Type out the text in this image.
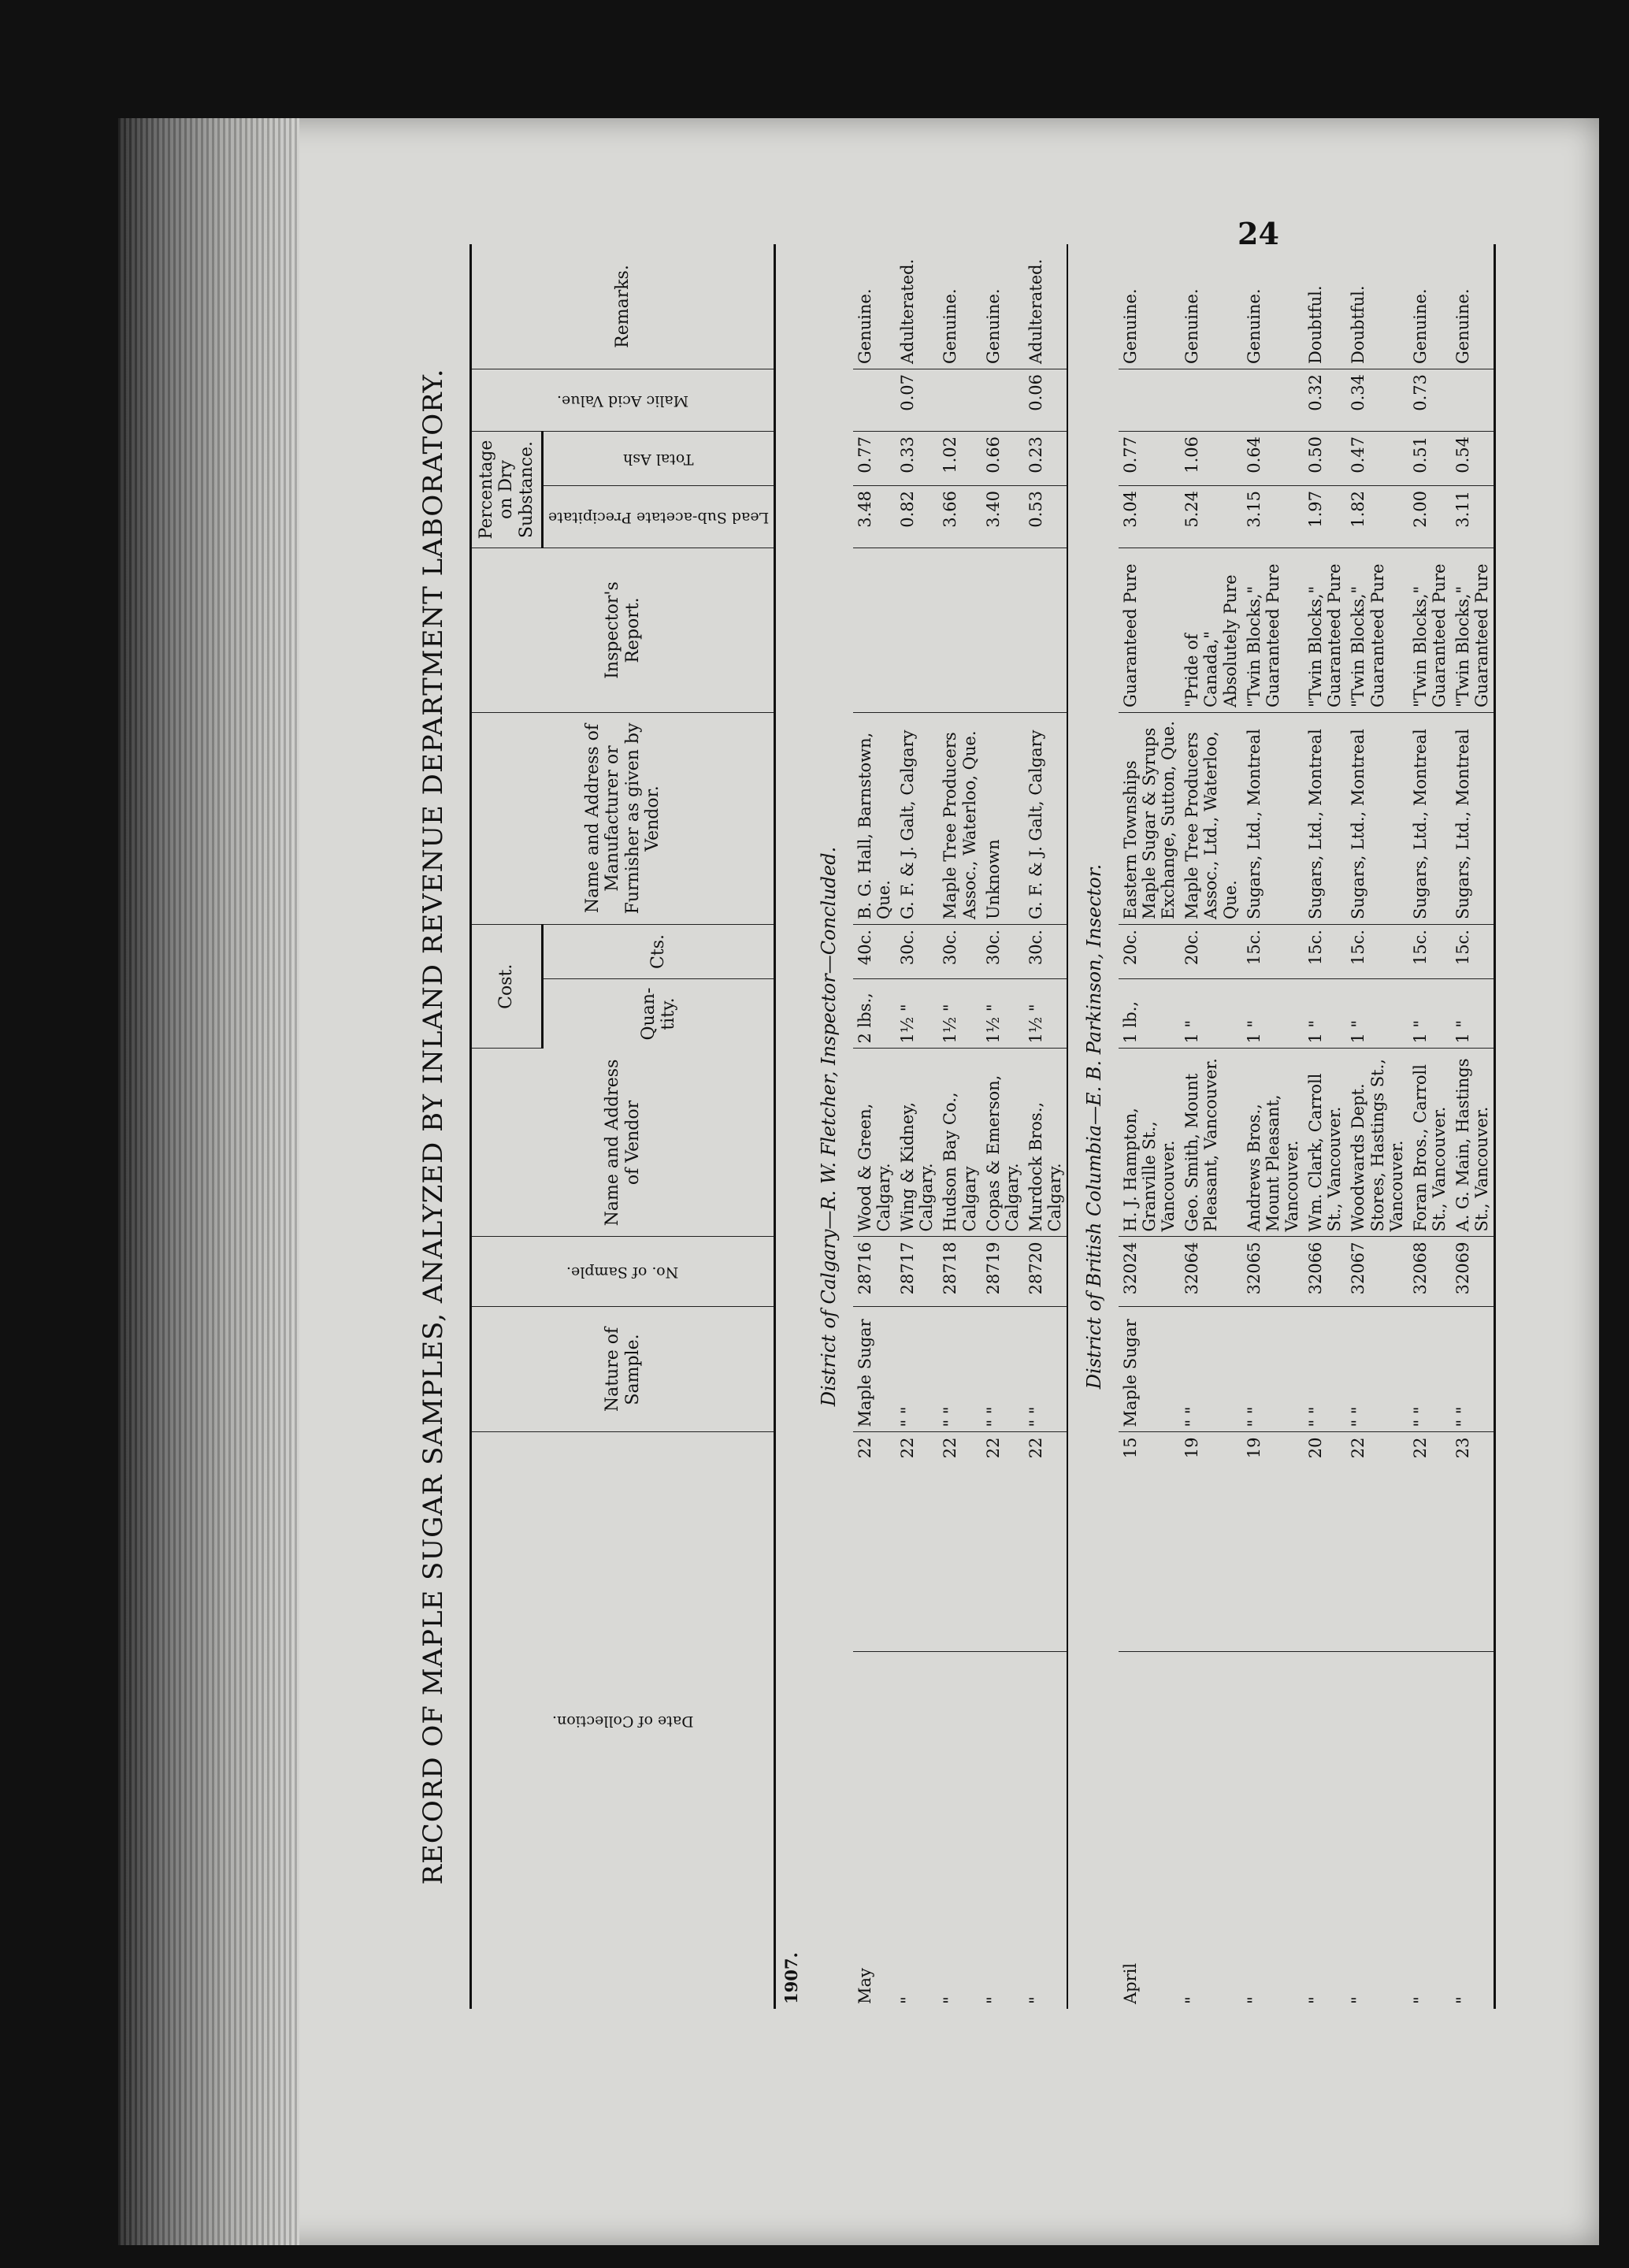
24
RECORD OF MAPLE SUGAR SAMPLES, ANALYZED BY INLAND REVENUE DEPARTMENT LABORATORY.	Date of Collection.		Nature of Sample.	No. of Sample.	Name and Address of Vendor	Cost.		Name and Address of Manufacturer or Furnisher as given by Vendor.	Inspector's Report.	Percentage on Dry Substance.		Malic Acid Value.	Remarks.
					Quan-tity.	Cts.			Lead Sub-acetate Precipitate	Total Ash		

1907.												
District of Calgary—R. W. Fletcher, Inspector—Concluded.												
May	22	Maple Sugar	28716	Wood & Green, Calgary.	2 lbs.,	40c.	B. G. Hall, Barnstown, Que.		3.48	0.77		Genuine.
"	22	" "	28717	Wing & Kidney, Calgary.	1½ "	30c.	G. F. & J. Galt, Calgary		0.82	0.33	0.07	Adulterated.
"	22	" "	28718	Hudson Bay Co., Calgary	1½ "	30c.	Maple Tree Producers Assoc., Waterloo, Que.		3.66	1.02		Genuine.
"	22	" "	28719	Copas & Emerson, Calgary.	1½ "	30c.	Unknown		3.40	0.66		Genuine.
"	22	" "	28720	Murdock Bros., Calgary.	1½ "	30c.	G. F. & J. Galt, Calgary		0.53	0.23	0.06	Adulterated.

District of British Columbia—E. B. Parkinson, Insector.												
April	15	Maple Sugar	32024	H. J. Hampton, Granville St., Vancouver.	1 lb.,	20c.	Eastern Townships Maple Sugar & Syrups Exchange, Sutton, Que.	Guaranteed Pure	3.04	0.77		Genuine.
"	19	" "	32064	Geo. Smith, Mount Pleasant, Vancouver.	1 "	20c.	Maple Tree Producers Assoc., Ltd., Waterloo, Que.	"Pride of Canada," Absolutely Pure	5.24	1.06		Genuine.
"	19	" "	32065	Andrews Bros., Mount Pleasant, Vancouver.	1 "	15c.	Sugars, Ltd., Montreal	"Twin Blocks," Guaranteed Pure	3.15	0.64		Genuine.
"	20	" "	32066	Wm. Clark, Carroll St., Vancouver.	1 "	15c.	Sugars, Ltd., Montreal	"Twin Blocks," Guaranteed Pure	1.97	0.50	0.32	Doubtful.
"	22	" "	32067	Woodwards Dept. Stores, Hastings St., Vancouver.	1 "	15c.	Sugars, Ltd., Montreal	"Twin Blocks," Guaranteed Pure	1.82	0.47	0.34	Doubtful.
"	22	" "	32068	Foran Bros., Carroll St., Vancouver.	1 "	15c.	Sugars, Ltd., Montreal	"Twin Blocks," Guaranteed Pure	2.00	0.51	0.73	Genuine.
"	23	" "	32069	A. G. Main, Hastings St., Vancouver.	1 "	15c.	Sugars, Ltd., Montreal	"Twin Blocks," Guaranteed Pure	3.11	0.54		Genuine.
